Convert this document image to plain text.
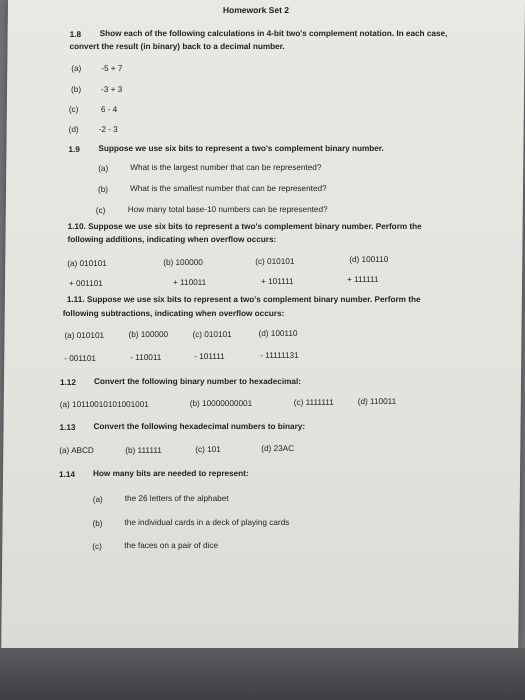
Homework Set 2
1.8 Show each of the following calculations in 4-bit two's complement notation. In each case,
convert the result (in binary) back to a decimal number.
(a) -5 + 7
(b) -3 + 3
(c)	6 - 4
(d) -2 - 3
1.9 Suppose we use six bits to represent a two's complement binary number.
(a)	What is the largest number that can be represented?
(b)	What is the smallest number that can be represented?
(c)	How many total base-10 numbers can be represented?
1.10. Suppose we use six bits to represent a two's complement binary number. Perform the
following additions, indicating when overflow occurs:
(a) 010101	(b) 100000	(c) 010101	(d) 100110
+ 001101	+ 110011	+ 101111	+ 111111
1.11. Suppose we use six bits to represent a two's complement binary number. Perform the
following subtractions, indicating when overflow occurs:
(a) 010101	(b) 100000	(c) 010101	(d) 100110
- 001101	- 110011	- 101111	- 11111131
1.12 Convert the following binary number to hexadecimal:
(a) 10110010101001001	(b) 10000000001	(c) 1111111	(d) 110011
1.13 Convert the following hexadecimal numbers to binary:
(a) ABCD	(b) 111111	(c) 101	(d) 23AC
1.14 How many bits are needed to represent:
(a)	the 26 letters of the alphabet
(b)	the individual cards in a deck of playing cards
(c)	the faces on a pair of dice
